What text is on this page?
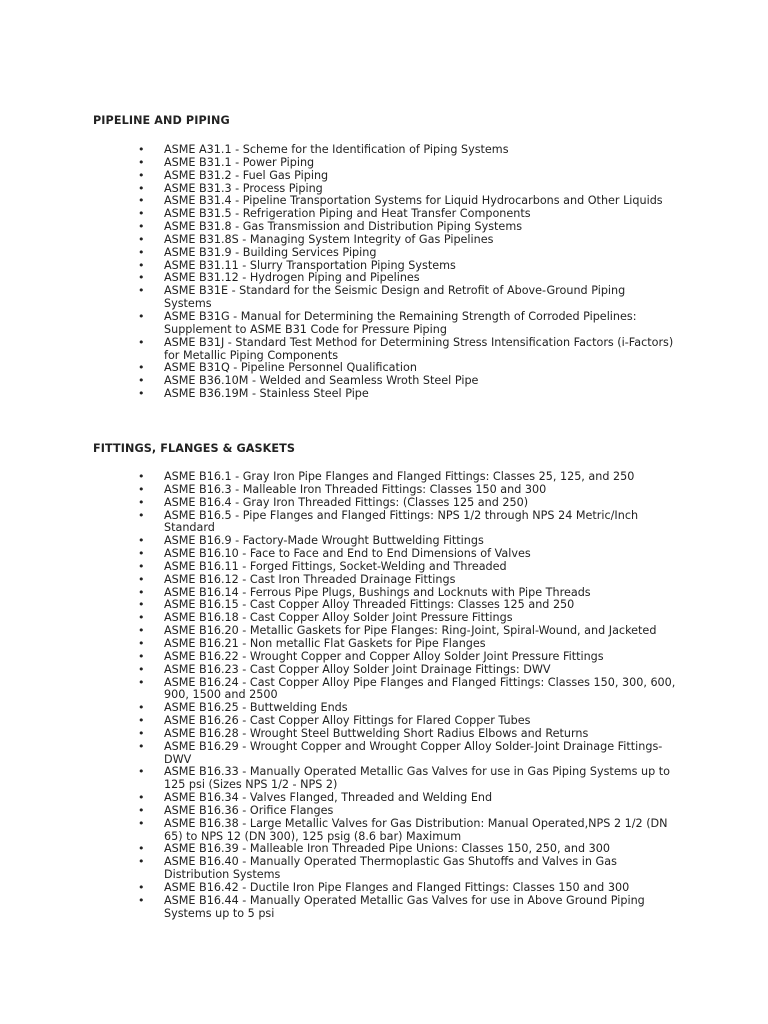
PIPELINE AND PIPING
• ASME A31.1 - Scheme for the Identification of Piping Systems
• ASME B31.1 - Power Piping
• ASME B31.2 - Fuel Gas Piping
• ASME B31.3 - Process Piping
• ASME B31.4 - Pipeline Transportation Systems for Liquid Hydrocarbons and Other Liquids
• ASME B31.5 - Refrigeration Piping and Heat Transfer Components
• ASME B31.8 - Gas Transmission and Distribution Piping Systems
• ASME B31.8S - Managing System Integrity of Gas Pipelines
• ASME B31.9 - Building Services Piping
• ASME B31.11 - Slurry Transportation Piping Systems
• ASME B31.12 - Hydrogen Piping and Pipelines
• ASME B31E - Standard for the Seismic Design and Retrofit of Above-Ground Piping Systems
• ASME B31G - Manual for Determining the Remaining Strength of Corroded Pipelines: Supplement to ASME B31 Code for Pressure Piping
• ASME B31J - Standard Test Method for Determining Stress Intensification Factors (i-Factors) for Metallic Piping Components
• ASME B31Q - Pipeline Personnel Qualification
• ASME B36.10M - Welded and Seamless Wroth Steel Pipe
• ASME B36.19M - Stainless Steel Pipe
FITTINGS, FLANGES & GASKETS
• ASME B16.1 - Gray Iron Pipe Flanges and Flanged Fittings: Classes 25, 125, and 250
• ASME B16.3 - Malleable Iron Threaded Fittings: Classes 150 and 300
• ASME B16.4 - Gray Iron Threaded Fittings: (Classes 125 and 250)
• ASME B16.5 - Pipe Flanges and Flanged Fittings: NPS 1/2 through NPS 24 Metric/Inch Standard
• ASME B16.9 - Factory-Made Wrought Buttwelding Fittings
• ASME B16.10 - Face to Face and End to End Dimensions of Valves
• ASME B16.11 - Forged Fittings, Socket-Welding and Threaded
• ASME B16.12 - Cast Iron Threaded Drainage Fittings
• ASME B16.14 - Ferrous Pipe Plugs, Bushings and Locknuts with Pipe Threads
• ASME B16.15 - Cast Copper Alloy Threaded Fittings: Classes 125 and 250
• ASME B16.18 - Cast Copper Alloy Solder Joint Pressure Fittings
• ASME B16.20 - Metallic Gaskets for Pipe Flanges: Ring-Joint, Spiral-Wound, and Jacketed
• ASME B16.21 - Non metallic Flat Gaskets for Pipe Flanges
• ASME B16.22 - Wrought Copper and Copper Alloy Solder Joint Pressure Fittings
• ASME B16.23 - Cast Copper Alloy Solder Joint Drainage Fittings: DWV
• ASME B16.24 - Cast Copper Alloy Pipe Flanges and Flanged Fittings: Classes 150, 300, 600, 900, 1500 and 2500
• ASME B16.25 - Buttwelding Ends
• ASME B16.26 - Cast Copper Alloy Fittings for Flared Copper Tubes
• ASME B16.28 - Wrought Steel Buttwelding Short Radius Elbows and Returns
• ASME B16.29 - Wrought Copper and Wrought Copper Alloy Solder-Joint Drainage Fittings-DWV
• ASME B16.33 - Manually Operated Metallic Gas Valves for use in Gas Piping Systems up to 125 psi (Sizes NPS 1/2 - NPS 2)
• ASME B16.34 - Valves Flanged, Threaded and Welding End
• ASME B16.36 - Orifice Flanges
• ASME B16.38 - Large Metallic Valves for Gas Distribution: Manual Operated,NPS 2 1/2 (DN 65) to NPS 12 (DN 300), 125 psig (8.6 bar) Maximum
• ASME B16.39 - Malleable Iron Threaded Pipe Unions: Classes 150, 250, and 300
• ASME B16.40 - Manually Operated Thermoplastic Gas Shutoffs and Valves in Gas Distribution Systems
• ASME B16.42 - Ductile Iron Pipe Flanges and Flanged Fittings: Classes 150 and 300
• ASME B16.44 - Manually Operated Metallic Gas Valves for use in Above Ground Piping Systems up to 5 psi
